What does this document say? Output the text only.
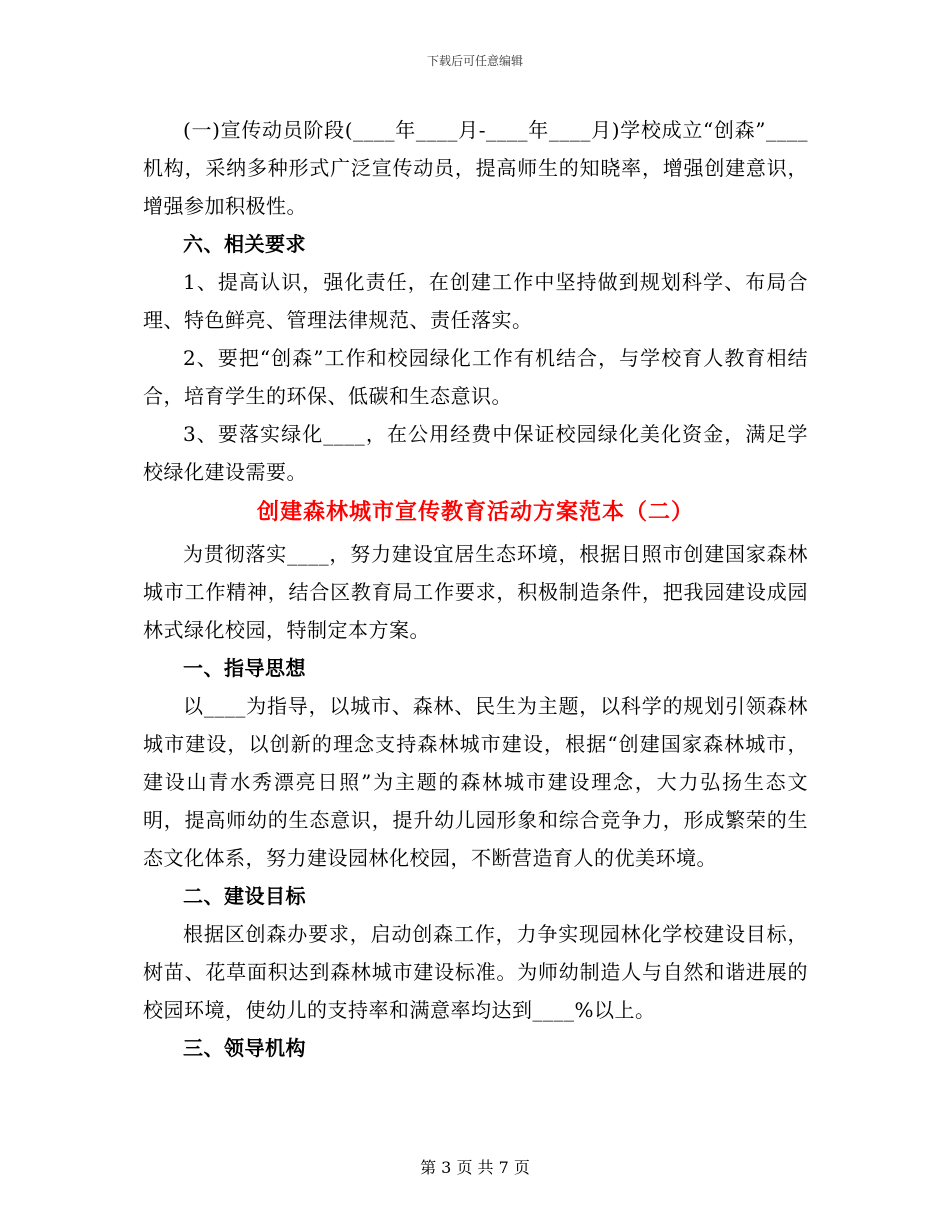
下载后可任意编辑

(一)宣传动员阶段(____年____月-____年____月)学校成立“创森”____机构，采纳多种形式广泛宣传动员，提高师生的知晓率，增强创建意识，增强参加积极性。

六、相关要求

1、提高认识，强化责任，在创建工作中坚持做到规划科学、布局合理、特色鲜亮、管理法律规范、责任落实。

2、要把“创森”工作和校园绿化工作有机结合，与学校育人教育相结合，培育学生的环保、低碳和生态意识。

3、要落实绿化____，在公用经费中保证校园绿化美化资金，满足学校绿化建设需要。

创建森林城市宣传教育活动方案范本（二）

为贯彻落实____，努力建设宜居生态环境，根据日照市创建国家森林城市工作精神，结合区教育局工作要求，积极制造条件，把我园建设成园林式绿化校园，特制定本方案。

一、指导思想

以____为指导，以城市、森林、民生为主题，以科学的规划引领森林城市建设，以创新的理念支持森林城市建设，根据“创建国家森林城市，建设山青水秀漂亮日照”为主题的森林城市建设理念，大力弘扬生态文明，提高师幼的生态意识，提升幼儿园形象和综合竞争力，形成繁荣的生态文化体系，努力建设园林化校园，不断营造育人的优美环境。

二、建设目标

根据区创森办要求，启动创森工作，力争实现园林化学校建设目标，树苗、花草面积达到森林城市建设标准。为师幼制造人与自然和谐进展的校园环境，使幼儿的支持率和满意率均达到____%以上。

三、领导机构

第 3 页 共 7 页
